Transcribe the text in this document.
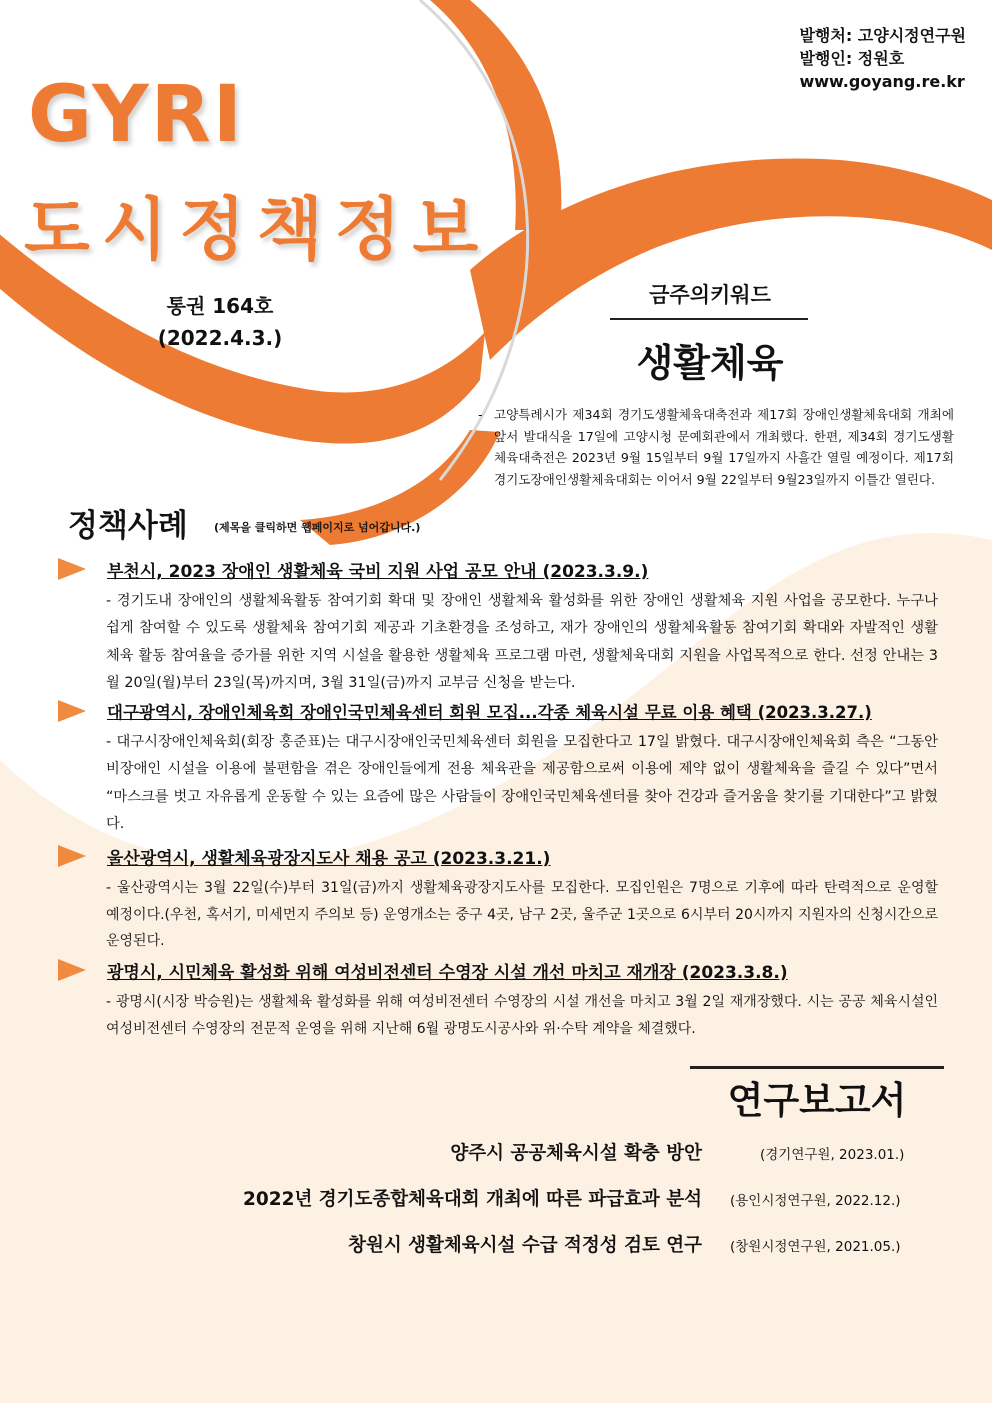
발행처: 고양시정연구원
발행인: 정원호
www.goyang.re.kr
GYRI
도시정책정보
통권 164호
(2022.4.3.)
금주의키워드
생활체육
- 고양특례시가 제34회 경기도생활체육대축전과 제17회 장애인생활체육대회 개최에 앞서 발대식을 17일에 고양시청 문예회관에서 개최했다. 한편, 제34회 경기도생활체육대축전은 2023년 9월 15일부터 9월 17일까지 사흘간 열릴 예정이다. 제17회 경기도장애인생활체육대회는 이어서 9월 22일부터 9월23일까지 이틀간 열린다.
정책사례 (제목을 클릭하면 웹페이지로 넘어갑니다.)
부천시, 2023 장애인 생활체육 국비 지원 사업 공모 안내 (2023.3.9.)
- 경기도내 장애인의 생활체육활동 참여기회 확대 및 장애인 생활체육 활성화를 위한 장애인 생활체육 지원 사업을 공모한다. 누구나 쉽게 참여할 수 있도록 생활체육 참여기회 제공과 기초환경을 조성하고, 재가 장애인의 생활체육활동 참여기회 확대와 자발적인 생활체육 활동 참여율을 증가를 위한 지역 시설을 활용한 생활체육 프로그램 마련, 생활체육대회 지원을 사업목적으로 한다. 선정 안내는 3월 20일(월)부터 23일(목)까지며, 3월 31일(금)까지 교부금 신청을 받는다.
대구광역시, 장애인체육회 장애인국민체육센터 회원 모집...각종 체육시설 무료 이용 혜택 (2023.3.27.)
- 대구시장애인체육회(회장 홍준표)는 대구시장애인국민체육센터 회원을 모집한다고 17일 밝혔다. 대구시장애인체육회 측은 “그동안 비장애인 시설을 이용에 불편함을 겪은 장애인들에게 전용 체육관을 제공함으로써 이용에 제약 없이 생활체육을 즐길 수 있다”면서 “마스크를 벗고 자유롭게 운동할 수 있는 요즘에 많은 사람들이 장애인국민체육센터를 찾아 건강과 즐거움을 찾기를 기대한다”고 밝혔다.
울산광역시, 생활체육광장지도사 채용 공고 (2023.3.21.)
- 울산광역시는 3월 22일(수)부터 31일(금)까지 생활체육광장지도사를 모집한다. 모집인원은 7명으로 기후에 따라 탄력적으로 운영할 예정이다.(우천, 혹서기, 미세먼지 주의보 등) 운영개소는 중구 4곳, 남구 2곳, 울주군 1곳으로 6시부터 20시까지 지원자의 신청시간으로 운영된다.
광명시, 시민체육 활성화 위해 여성비전센터 수영장 시설 개선 마치고 재개장 (2023.3.8.)
- 광명시(시장 박승원)는 생활체육 활성화를 위해 여성비전센터 수영장의 시설 개선을 마치고 3월 2일 재개장했다. 시는 공공 체육시설인 여성비전센터 수영장의 전문적 운영을 위해 지난해 6월 광명도시공사와 위·수탁 계약을 체결했다.
연구보고서
양주시 공공체육시설 확충 방안	(경기연구원, 2023.01.)
2022년 경기도종합체육대회 개최에 따른 파급효과 분석 (용인시정연구원, 2022.12.)
창원시 생활체육시설 수급 적정성 검토 연구 (창원시정연구원, 2021.05.)
